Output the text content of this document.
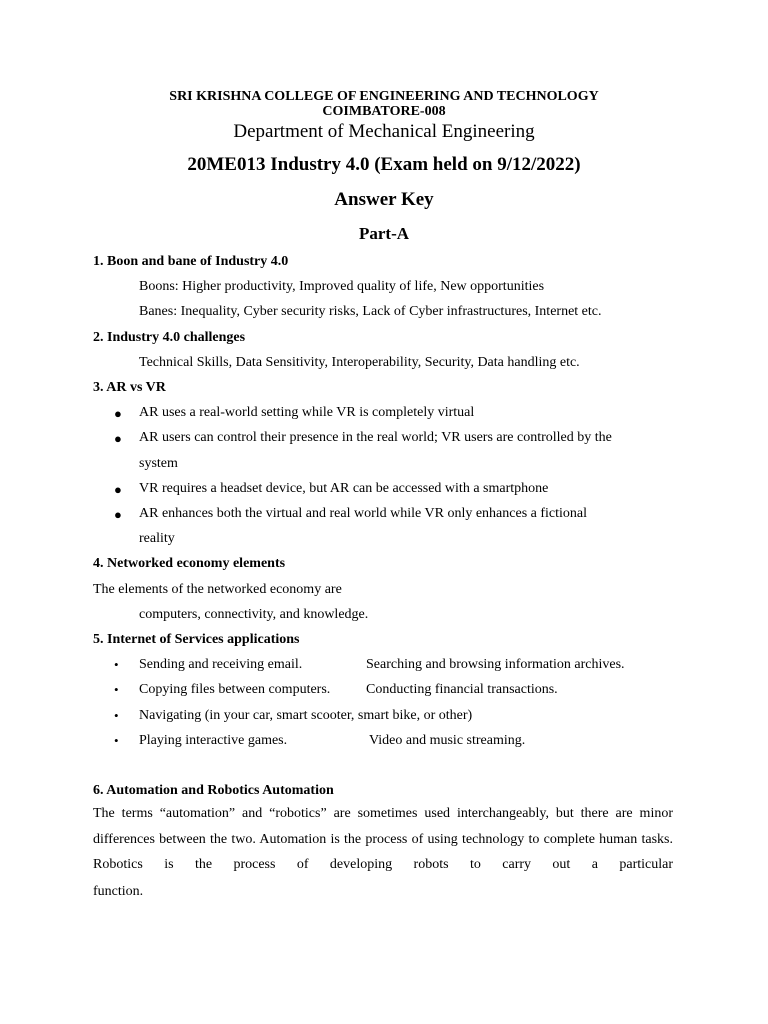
SRI KRISHNA COLLEGE OF ENGINEERING AND TECHNOLOGY
COIMBATORE-008
Department of Mechanical Engineering
20ME013 Industry 4.0 (Exam held on 9/12/2022)
Answer Key
Part-A
1. Boon and bane of Industry 4.0
Boons: Higher productivity, Improved quality of life, New opportunities
Banes: Inequality, Cyber security risks, Lack of Cyber infrastructures, Internet etc.
2. Industry 4.0 challenges
Technical Skills, Data Sensitivity, Interoperability, Security, Data handling etc.
3. AR vs VR
● AR uses a real-world setting while VR is completely virtual
● AR users can control their presence in the real world; VR users are controlled by the
system
● VR requires a headset device, but AR can be accessed with a smartphone
● AR enhances both the virtual and real world while VR only enhances a fictional
reality
4. Networked economy elements
The elements of the networked economy are
computers, connectivity, and knowledge.
5. Internet of Services applications
• Sending and receiving email.	Searching and browsing information archives.
• Copying files between computers.	Conducting financial transactions.
• Navigating (in your car, smart scooter, smart bike, or other)
• Playing interactive games.	Video and music streaming.
6. Automation and Robotics Automation
The terms “automation” and “robotics” are sometimes used interchangeably, but there are minor differences between the two. Automation is the process of using technology to complete human tasks. Robotics is the process of developing robots to carry out a particular
function.
